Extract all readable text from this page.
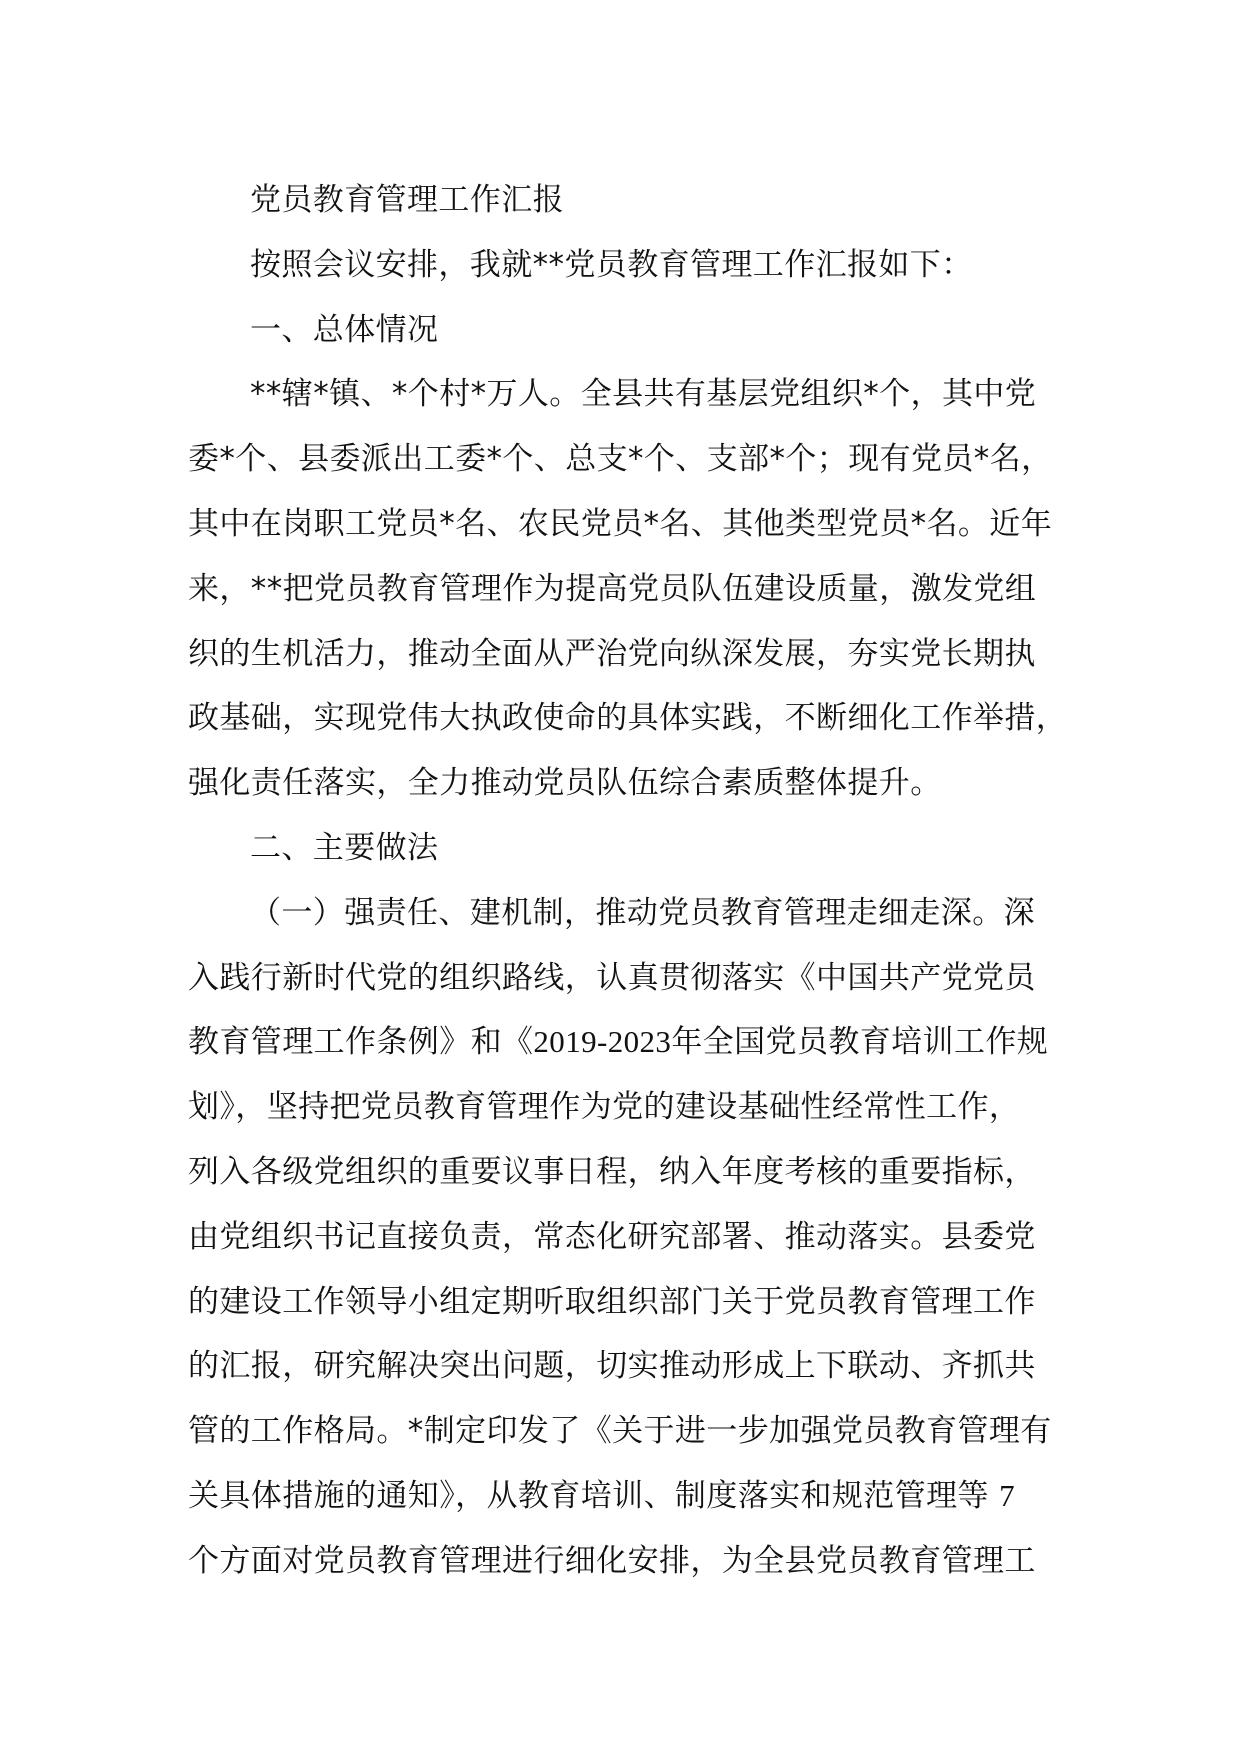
党员教育管理工作汇报
按照会议安排，我就**党员教育管理工作汇报如下：
一、总体情况
**辖*镇、*个村*万人。全县共有基层党组织*个，其中党
委*个、县委派出工委*个、总支*个、支部*个；现有党员*名，
其中在岗职工党员*名、农民党员*名、其他类型党员*名。近年
来，**把党员教育管理作为提高党员队伍建设质量，激发党组
织的生机活力，推动全面从严治党向纵深发展，夯实党长期执
政基础，实现党伟大执政使命的具体实践，不断细化工作举措，
强化责任落实，全力推动党员队伍综合素质整体提升。
二、主要做法
（一）强责任、建机制，推动党员教育管理走细走深。深
入践行新时代党的组织路线，认真贯彻落实《中国共产党党员
教育管理工作条例》和《2019-2023年全国党员教育培训工作规
划》，坚持把党员教育管理作为党的建设基础性经常性工作，
列入各级党组织的重要议事日程，纳入年度考核的重要指标，
由党组织书记直接负责，常态化研究部署、推动落实。县委党
的建设工作领导小组定期听取组织部门关于党员教育管理工作
的汇报，研究解决突出问题，切实推动形成上下联动、齐抓共
管的工作格局。*制定印发了《关于进一步加强党员教育管理有
关具体措施的通知》，从教育培训、制度落实和规范管理等 7
个方面对党员教育管理进行细化安排，为全县党员教育管理工
